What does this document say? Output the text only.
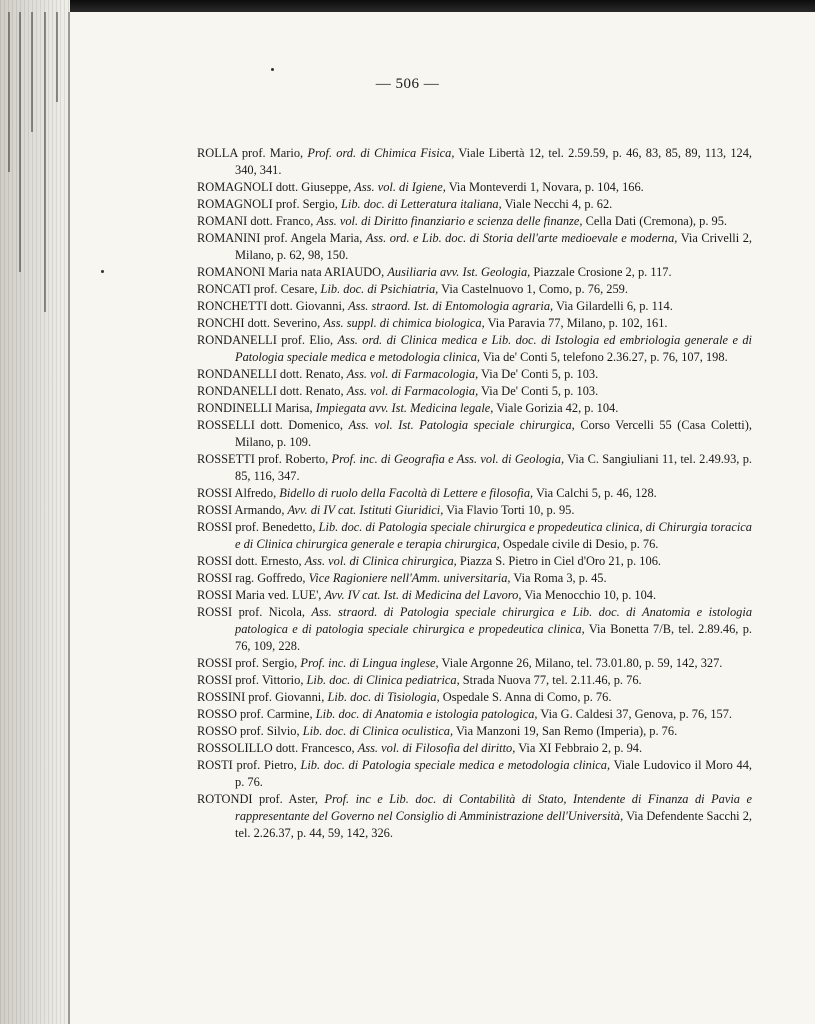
— 506 —

ROLLA prof. Mario, Prof. ord. di Chimica Fisica, Viale Libertà 12, tel. 2.59.59, p. 46, 83, 85, 89, 113, 124, 340, 341.

ROMAGNOLI dott. Giuseppe, Ass. vol. di Igiene, Via Monteverdi 1, Novara, p. 104, 166.

ROMAGNOLI prof. Sergio, Lib. doc. di Letteratura italiana, Viale Necchi 4, p. 62.

ROMANI dott. Franco, Ass. vol. di Diritto finanziario e scienza delle finanze, Cella Dati (Cremona), p. 95.

ROMANINI prof. Angela Maria, Ass. ord. e Lib. doc. di Storia dell'arte medioevale e moderna, Via Crivelli 2, Milano, p. 62, 98, 150.

ROMANONI Maria nata ARIAUDO, Ausiliaria avv. Ist. Geologia, Piazzale Crosione 2, p. 117.

RONCATI prof. Cesare, Lib. doc. di Psichiatria, Via Castelnuovo 1, Como, p. 76, 259.

RONCHETTI dott. Giovanni, Ass. straord. Ist. di Entomologia agraria, Via Gilardelli 6, p. 114.

RONCHI dott. Severino, Ass. suppl. di chimica biologica, Via Paravia 77, Milano, p. 102, 161.

RONDANELLI prof. Elio, Ass. ord. di Clinica medica e Lib. doc. di Istologia ed embriologia generale e di Patologia speciale medica e metodologia clinica, Via de' Conti 5, telefono 2.36.27, p. 76, 107, 198.

RONDANELLI dott. Renato, Ass. vol. di Farmacologia, Via De' Conti 5, p. 103.

RONDANELLI dott. Renato, Ass. vol. di Farmacologia, Via De' Conti 5, p. 103.

RONDINELLI Marisa, Impiegata avv. Ist. Medicina legale, Viale Gorizia 42, p. 104.

ROSSELLI dott. Domenico, Ass. vol. Ist. Patologia speciale chirurgica, Corso Vercelli 55 (Casa Coletti), Milano, p. 109.

ROSSETTI prof. Roberto, Prof. inc. di Geografia e Ass. vol. di Geologia, Via C. Sangiuliani 11, tel. 2.49.93, p. 85, 116, 347.

ROSSI Alfredo, Bidello di ruolo della Facoltà di Lettere e filosofia, Via Calchi 5, p. 46, 128.

ROSSI Armando, Avv. di IV cat. Istituti Giuridici, Via Flavio Torti 10, p. 95.

ROSSI prof. Benedetto, Lib. doc. di Patologia speciale chirurgica e propedeutica clinica, di Chirurgia toracica e di Clinica chirurgica generale e terapia chirurgica, Ospedale civile di Desio, p. 76.

ROSSI dott. Ernesto, Ass. vol. di Clinica chirurgica, Piazza S. Pietro in Ciel d'Oro 21, p. 106.

ROSSI rag. Goffredo, Vice Ragioniere nell'Amm. universitaria, Via Roma 3, p. 45.

ROSSI Maria ved. LUE', Avv. IV cat. Ist. di Medicina del Lavoro, Via Menocchio 10, p. 104.

ROSSI prof. Nicola, Ass. straord. di Patologia speciale chirurgica e Lib. doc. di Anatomia e istologia patologica e di patologia speciale chirurgica e propedeutica clinica, Via Bonetta 7/B, tel. 2.89.46, p. 76, 109, 228.

ROSSI prof. Sergio, Prof. inc. di Lingua inglese, Viale Argonne 26, Milano, tel. 73.01.80, p. 59, 142, 327.

ROSSI prof. Vittorio, Lib. doc. di Clinica pediatrica, Strada Nuova 77, tel. 2.11.46, p. 76.

ROSSINI prof. Giovanni, Lib. doc. di Tisiologia, Ospedale S. Anna di Como, p. 76.

ROSSO prof. Carmine, Lib. doc. di Anatomia e istologia patologica, Via G. Caldesi 37, Genova, p. 76, 157.

ROSSO prof. Silvio, Lib. doc. di Clinica oculistica, Via Manzoni 19, San Remo (Imperia), p. 76.

ROSSOLILLO dott. Francesco, Ass. vol. di Filosofia del diritto, Via XI Febbraio 2, p. 94.

ROSTI prof. Pietro, Lib. doc. di Patologia speciale medica e metodologia clinica, Viale Ludovico il Moro 44, p. 76.

ROTONDI prof. Aster, Prof. inc e Lib. doc. di Contabilità di Stato, Intendente di Finanza di Pavia e rappresentante del Governo nel Consiglio di Amministrazione dell'Università, Via Defendente Sacchi 2, tel. 2.26.37, p. 44, 59, 142, 326.
